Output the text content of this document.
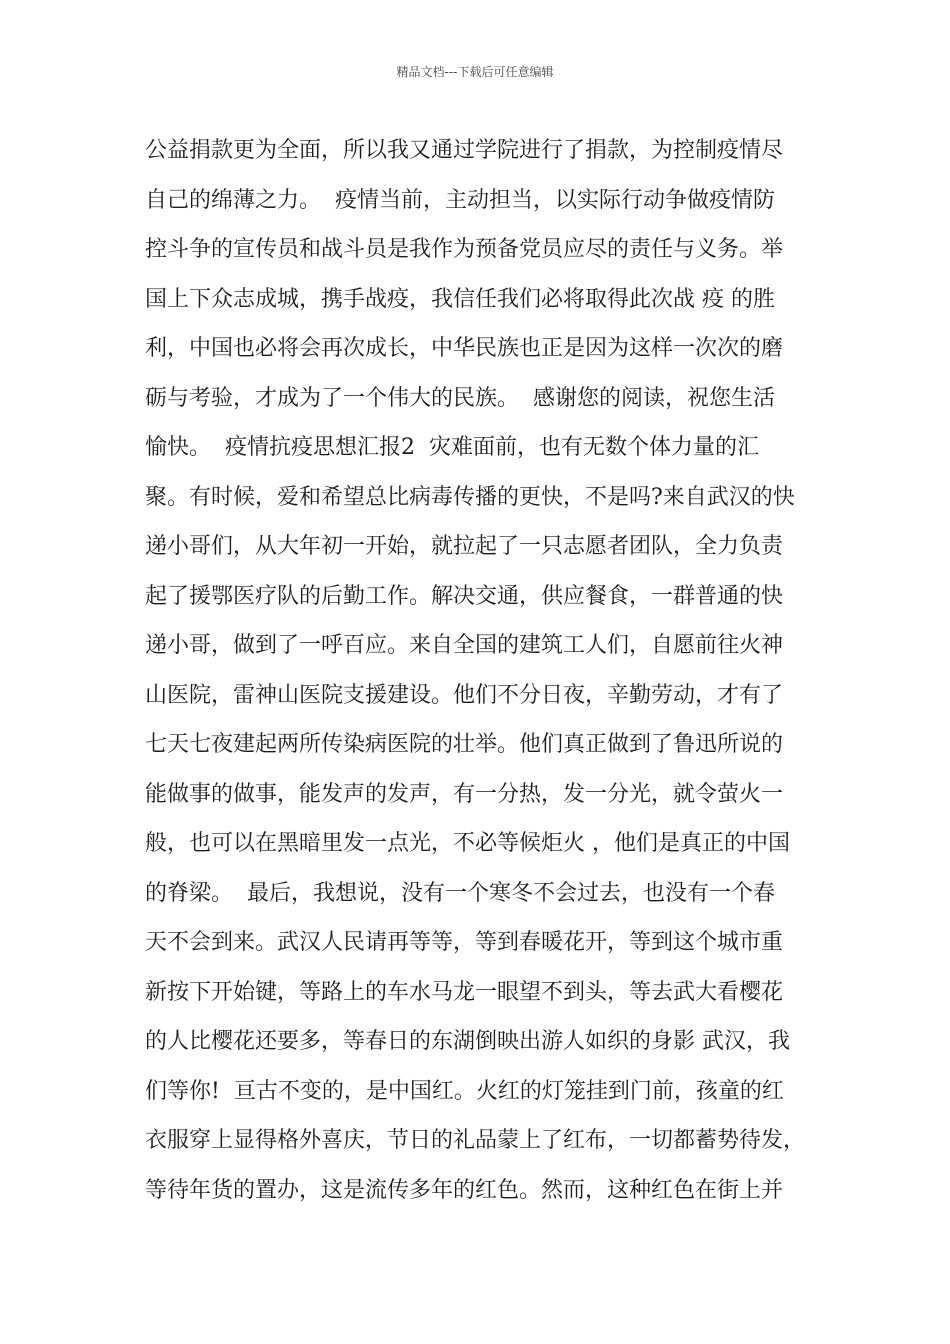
精品文档---下载后可任意编辑
公益捐款更为全面，所以我又通过学院进行了捐款，为控制疫情尽
自己的绵薄之力。  疫情当前，主动担当，以实际行动争做疫情防
控斗争的宣传员和战斗员是我作为预备党员应尽的责任与义务。举
国上下众志成城，携手战疫，我信任我们必将取得此次战 疫 的胜
利，中国也必将会再次成长，中华民族也正是因为这样一次次的磨
砺与考验，才成为了一个伟大的民族。  感谢您的阅读，祝您生活
愉快。  疫情抗疫思想汇报2  灾难面前，也有无数个体力量的汇
聚。有时候，爱和希望总比病毒传播的更快，不是吗?来自武汉的快
递小哥们，从大年初一开始，就拉起了一只志愿者团队，全力负责
起了援鄂医疗队的后勤工作。解决交通，供应餐食，一群普通的快
递小哥，做到了一呼百应。来自全国的建筑工人们，自愿前往火神
山医院，雷神山医院支援建设。他们不分日夜，辛勤劳动，才有了
七天七夜建起两所传染病医院的壮举。他们真正做到了鲁迅所说的
能做事的做事，能发声的发声，有一分热，发一分光，就令萤火一
般，也可以在黑暗里发一点光，不必等候炬火 ，他们是真正的中国
的脊梁。  最后，我想说，没有一个寒冬不会过去，也没有一个春
天不会到来。武汉人民请再等等，等到春暖花开，等到这个城市重
新按下开始键，等路上的车水马龙一眼望不到头，等去武大看樱花
的人比樱花还要多，等春日的东湖倒映出游人如织的身影 武汉，我
们等你!  亘古不变的，是中国红。火红的灯笼挂到门前，孩童的红
衣服穿上显得格外喜庆，节日的礼品蒙上了红布，一切都蓄势待发，
等待年货的置办，这是流传多年的红色。然而，这种红色在街上并
